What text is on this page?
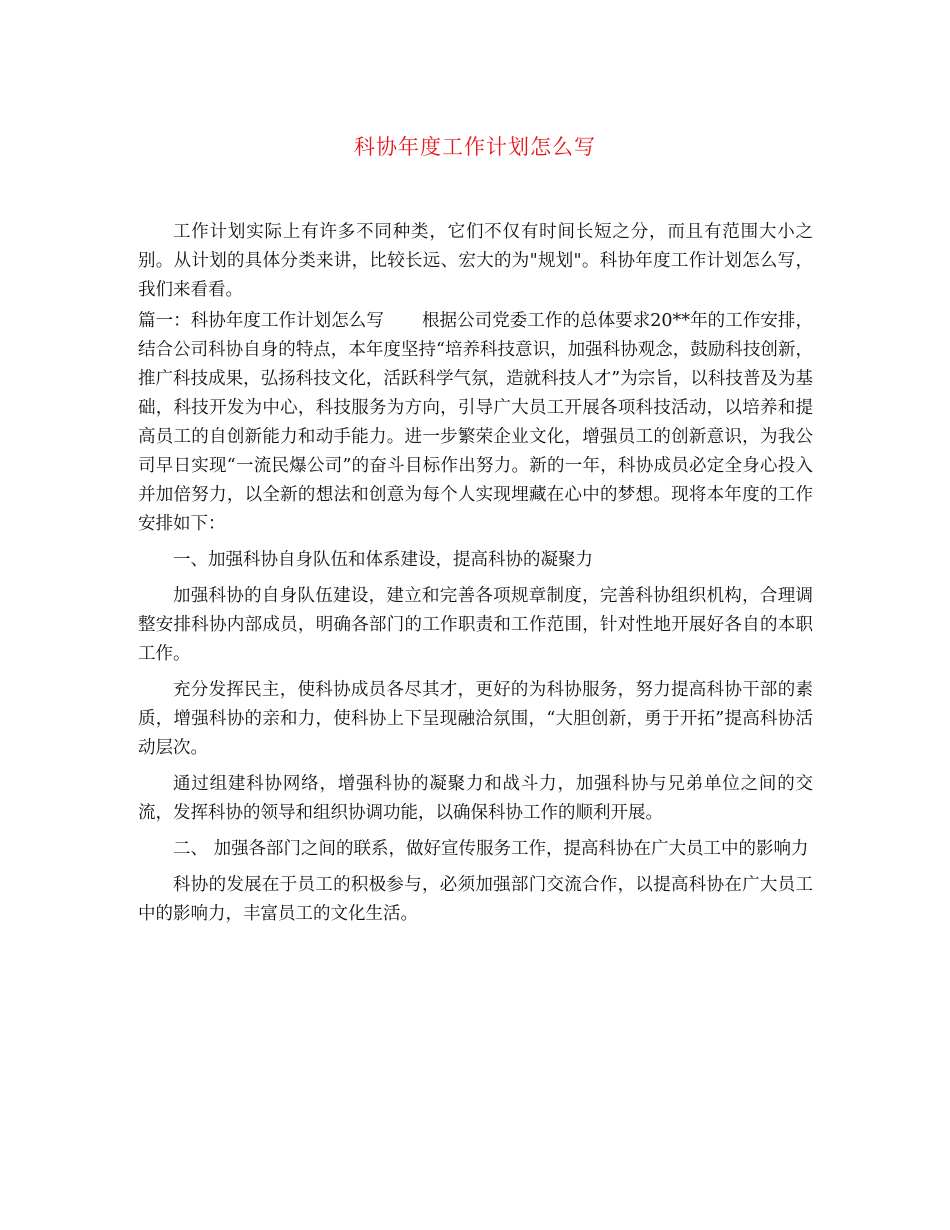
科协年度工作计划怎么写

工作计划实际上有许多不同种类，它们不仅有时间长短之分，而且有范围大小之别。从计划的具体分类来讲，比较长远、宏大的为"规划"。科协年度工作计划怎么写，我们来看看。

篇一：科协年度工作计划怎么写 根据公司党委工作的总体要求20**年的工作安排，结合公司科协自身的特点，本年度坚持“培养科技意识，加强科协观念，鼓励科技创新，推广科技成果，弘扬科技文化，活跃科学气氛，造就科技人才”为宗旨，以科技普及为基础，科技开发为中心，科技服务为方向，引导广大员工开展各项科技活动，以培养和提高员工的自创新能力和动手能力。进一步繁荣企业文化，增强员工的创新意识，为我公司早日实现“一流民爆公司”的奋斗目标作出努力。新的一年，科协成员必定全身心投入并加倍努力，以全新的想法和创意为每个人实现埋藏在心中的梦想。现将本年度的工作安排如下：

一、加强科协自身队伍和体系建设，提高科协的凝聚力

加强科协的自身队伍建设，建立和完善各项规章制度，完善科协组织机构，合理调整安排科协内部成员，明确各部门的工作职责和工作范围，针对性地开展好各自的本职工作。

充分发挥民主，使科协成员各尽其才，更好的为科协服务，努力提高科协干部的素质，增强科协的亲和力，使科协上下呈现融洽氛围，“大胆创新，勇于开拓”提高科协活动层次。

通过组建科协网络，增强科协的凝聚力和战斗力，加强科协与兄弟单位之间的交流，发挥科协的领导和组织协调功能，以确保科协工作的顺利开展。

二、 加强各部门之间的联系，做好宣传服务工作，提高科协在广大员工中的影响力

科协的发展在于员工的积极参与，必须加强部门交流合作，以提高科协在广大员工中的影响力，丰富员工的文化生活。
